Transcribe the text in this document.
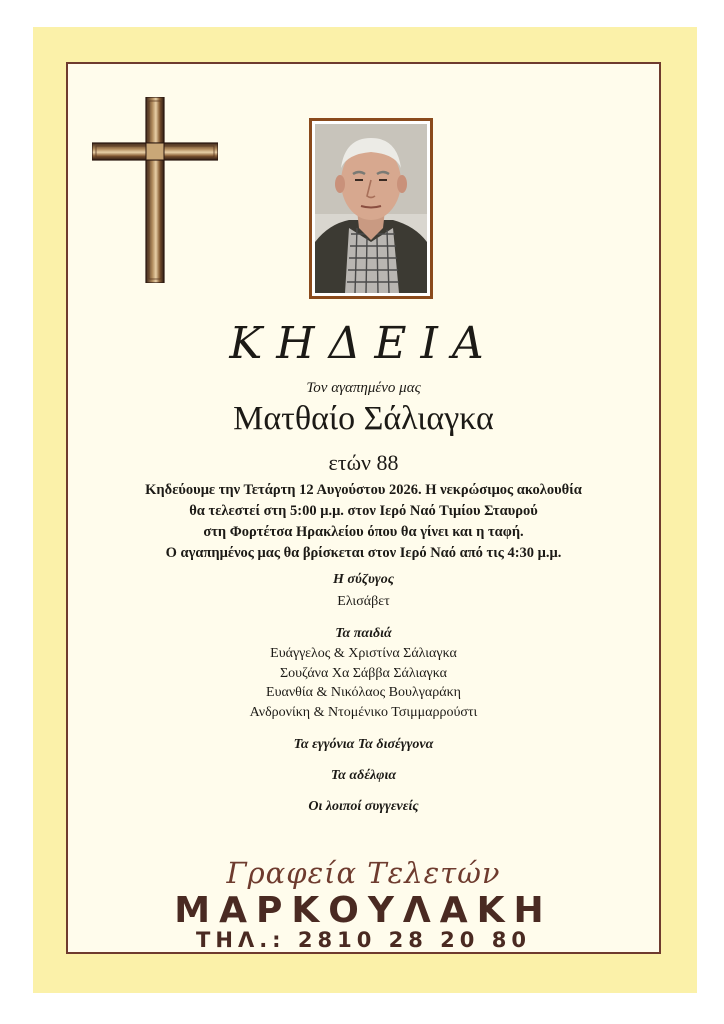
ΚΗΔΕΙΑ
Τον αγαπημένο μας
Ματθαίο Σάλιαγκα
ετών 88
Κηδεύουμε την Τετάρτη 12 Αυγούστου 2026. Η νεκρώσιμος ακολουθία
θα τελεστεί στη 5:00 μ.μ. στον Ιερό Ναό Τιμίου Σταυρού
στη Φορτέτσα Ηρακλείου όπου θα γίνει και η ταφή.
Ο αγαπημένος μας θα βρίσκεται στον Ιερό Ναό από τις 4:30 μ.μ.
Η σύζυγος
Ελισάβετ
Τα παιδιά
Ευάγγελος & Χριστίνα Σάλιαγκα
Σουζάνα Χα Σάββα Σάλιαγκα
Ευανθία & Νικόλαος Βουλγαράκη
Ανδρονίκη & Ντομένικο Τσιμμαρρούστι
Τα εγγόνια Τα δισέγγονα
Τα αδέλφια
Οι λοιποί συγγενείς
Γραφεία Τελετών
ΜΑΡΚΟΥΛΑΚΗ
ΤΗΛ.: 2810 28 20 80
